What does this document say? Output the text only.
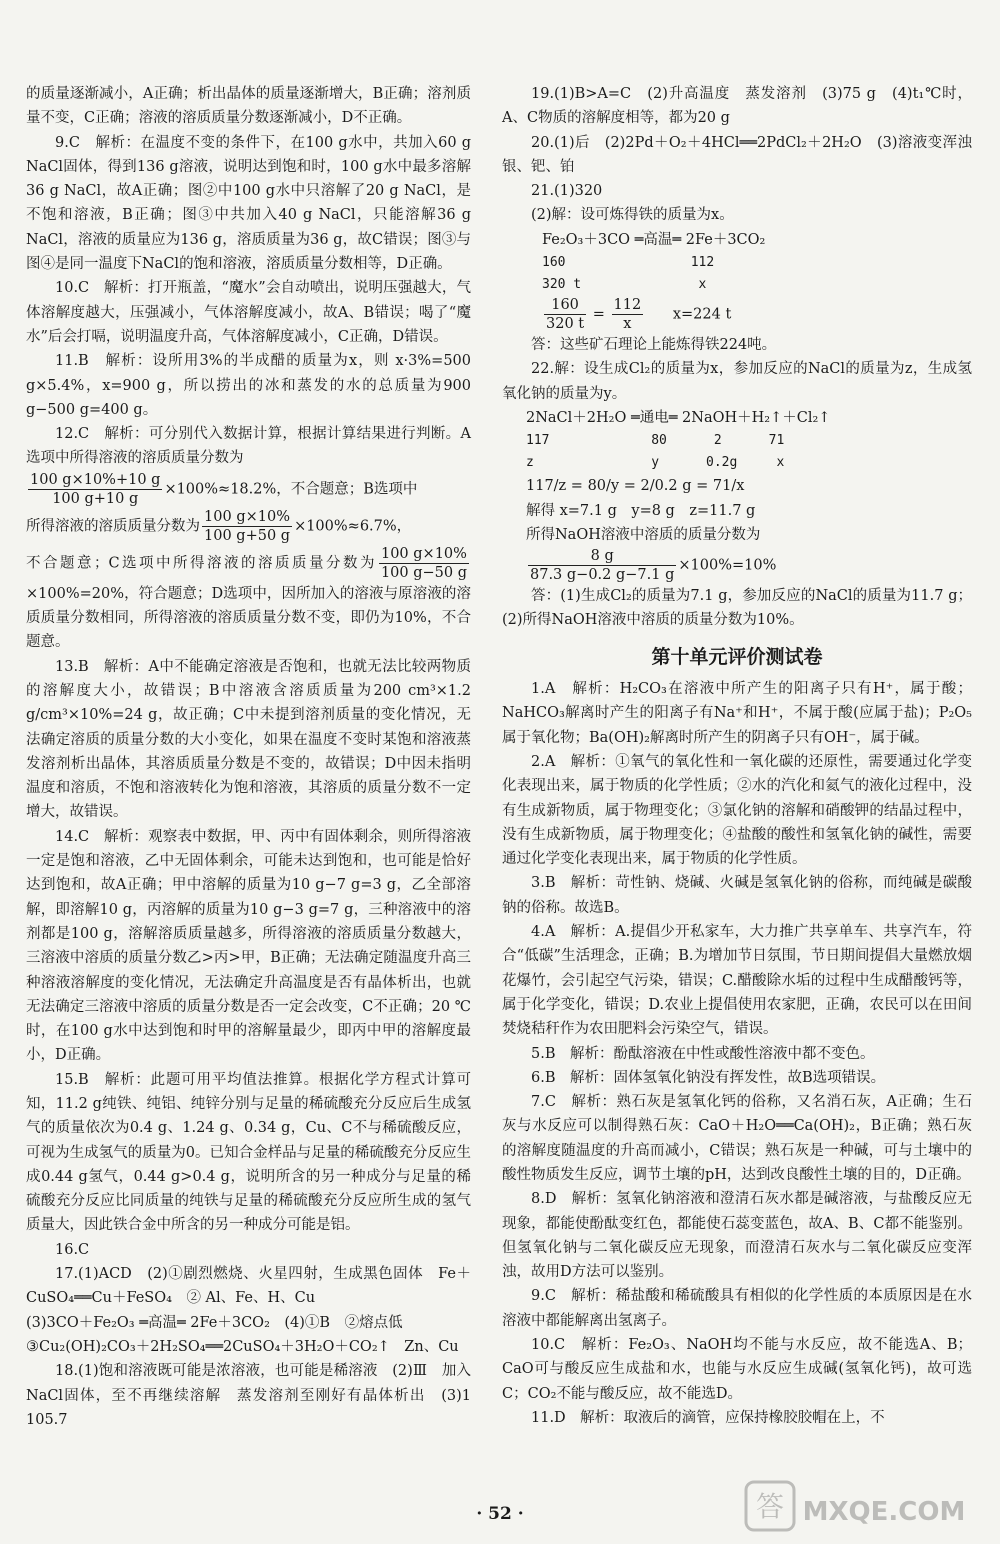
的质量逐渐减小，A正确；析出晶体的质量逐渐增大，B正确；溶剂质量不变，C正确；溶液的溶质质量分数逐渐减小，D不正确。

9.C　解析：在温度不变的条件下，在100 g水中，共加入60 g NaCl固体，得到136 g溶液，说明达到饱和时，100 g水中最多溶解36 g NaCl，故A正确；图②中100 g水中只溶解了20 g NaCl，是不饱和溶液，B正确；图③中共加入40 g NaCl，只能溶解36 g NaCl，溶液的质量应为136 g，溶质质量为36 g，故C错误；图③与图④是同一温度下NaCl的饱和溶液，溶质质量分数相等，D正确。

10.C　解析：打开瓶盖，“魔水”会自动喷出，说明压强越大，气体溶解度越大，压强减小，气体溶解度减小，故A、B错误；喝了“魔水”后会打嗝，说明温度升高，气体溶解度减小，C正确，D错误。

11.B　解析：设所用3%的半成醋的质量为x，则 x·3%=500 g×5.4%，x=900 g，所以捞出的冰和蒸发的水的总质量为900 g−500 g=400 g。

12.C　解析：可分别代入数据计算，根据计算结果进行判断。A选项中所得溶液的溶质质量分数为

$\frac{100 g\times 10\%+10 g}{100 g+10 g} \times 100\%\approx 18.2\%$，不合题意；B选项中

所得溶液的溶质质量分数为 $\frac{100 g\times 10\%}{100 g+50 g} \times 100\%\approx 6.7\%$，

不合题意；C选项中所得溶液的溶质质量分数为 $\frac{100 g\times 10\%}{100 g-50 g}$
×100%=20%，符合题意；D选项中，因所加入的溶液与原溶液的溶质质量分数相同，所得溶液的溶质质量分数不变，即仍为10%，不合题意。

13.B　解析：A中不能确定溶液是否饱和，也就无法比较两物质的溶解度大小，故错误；B中溶液含溶质质量为200 cm³×1.2 g/cm³×10%=24 g，故正确；C中未提到溶剂质量的变化情况，无法确定溶质的质量分数的大小变化，如果在温度不变时某饱和溶液蒸发溶剂析出晶体，其溶质质量分数是不变的，故错误；D中因未指明温度和溶质，不饱和溶液转化为饱和溶液，其溶质的质量分数不一定增大，故错误。

14.C　解析：观察表中数据，甲、丙中有固体剩余，则所得溶液一定是饱和溶液，乙中无固体剩余，可能未达到饱和，也可能是恰好达到饱和，故A正确；甲中溶解的质量为10 g−7 g=3 g，乙全部溶解，即溶解10 g，丙溶解的质量为10 g−3 g=7 g，三种溶液中的溶剂都是100 g，溶解溶质质量越多，所得溶液的溶质质量分数越大，三溶液中溶质的质量分数乙>丙>甲，B正确；无法确定随温度升高三种溶液溶解度的变化情况，无法确定升高温度是否有晶体析出，也就无法确定三溶液中溶质的质量分数是否一定会改变，C不正确；20 ℃时，在100 g水中达到饱和时甲的溶解量最少，即丙中甲的溶解度最小，D正确。

15.B　解析：此题可用平均值法推算。根据化学方程式计算可知，11.2 g纯铁、纯铝、纯锌分别与足量的稀硫酸充分反应后生成氢气的质量依次为0.4 g、1.24 g、0.34 g，Cu、C不与稀硫酸反应，可视为生成氢气的质量为0。已知合金样品与足量的稀硫酸充分反应生成0.44 g氢气，0.44 g>0.4 g，说明所含的另一种成分与足量的稀硫酸充分反应比同质量的纯铁与足量的稀硫酸充分反应所生成的氢气质量大，因此铁合金中所含的另一种成分可能是铝。

16.C

17.(1)ACD　(2)①剧烈燃烧、火星四射，生成黑色固体　Fe＋CuSO₄══Cu＋FeSO₄　② Al、Fe、H、Cu

(3)3CO＋Fe₂O₃ ═高温═ 2Fe＋3CO₂　(4)①B　②熔点低

③Cu₂(OH)₂CO₃＋2H₂SO₄══2CuSO₄＋3H₂O＋CO₂↑　Zn、Cu

18.(1)饱和溶液既可能是浓溶液，也可能是稀溶液　(2)Ⅲ　加入NaCl固体，至不再继续溶解　蒸发溶剂至刚好有晶体析出　(3)1 105.7

19.(1)B>A=C　(2)升高温度　蒸发溶剂　(3)75 g　(4)t₁℃时，A、C物质的溶解度相等，都为20 g

20.(1)后　(2)2Pd＋O₂＋4HCl══2PdCl₂＋2H₂O　(3)溶液变浑浊　银、钯、铂

21.(1)320

(2)解：设可炼得铁的质量为x。

Fe₂O₃＋3CO ═高温═ 2Fe＋3CO₂

160                112
320 t               x

$\frac{160}{320 t} = \frac{112}{x} x=224$ t

答：这些矿石理论上能炼得铁224吨。

22.解：设生成Cl₂的质量为x，参加反应的NaCl的质量为z，生成氢氧化钠的质量为y。

2NaCl＋2H₂O ═通电═ 2NaOH＋H₂↑＋Cl₂↑

117             80      2      71
z               y      0.2g     x

117/z = 80/y = 2/0.2 g = 71/x

解得 x=7.1 g　y=8 g　z=11.7 g

所得NaOH溶液中溶质的质量分数为

$\frac{8 g}{87.3 g-0.2 g-7.1 g} \times 100\%=10\%$

答：(1)生成Cl₂的质量为7.1 g，参加反应的NaCl的质量为11.7 g；(2)所得NaOH溶液中溶质的质量分数为10%。

第十单元评价测试卷

1.A　解析：H₂CO₃在溶液中所产生的阳离子只有H⁺，属于酸；NaHCO₃解离时产生的阳离子有Na⁺和H⁺，不属于酸(应属于盐)；P₂O₅属于氧化物；Ba(OH)₂解离时所产生的阴离子只有OH⁻，属于碱。

2.A　解析：①氧气的氧化性和一氧化碳的还原性，需要通过化学变化表现出来，属于物质的化学性质；②水的汽化和氦气的液化过程中，没有生成新物质，属于物理变化；③氯化钠的溶解和硝酸钾的结晶过程中，没有生成新物质，属于物理变化；④盐酸的酸性和氢氧化钠的碱性，需要通过化学变化表现出来，属于物质的化学性质。

3.B　解析：苛性钠、烧碱、火碱是氢氧化钠的俗称，而纯碱是碳酸钠的俗称。故选B。

4.A　解析：A.提倡少开私家车，大力推广共享单车、共享汽车，符合“低碳”生活理念，正确；B.为增加节日氛围，节日期间提倡大量燃放烟花爆竹，会引起空气污染，错误；C.醋酸除水垢的过程中生成醋酸钙等，属于化学变化，错误；D.农业上提倡使用农家肥，正确，农民可以在田间焚烧秸秆作为农田肥料会污染空气，错误。

5.B　解析：酚酞溶液在中性或酸性溶液中都不变色。

6.B　解析：固体氢氧化钠没有挥发性，故B选项错误。

7.C　解析：熟石灰是氢氧化钙的俗称，又名消石灰，A正确；生石灰与水反应可以制得熟石灰：CaO＋H₂O══Ca(OH)₂，B正确；熟石灰的溶解度随温度的升高而减小，C错误；熟石灰是一种碱，可与土壤中的酸性物质发生反应，调节土壤的pH，达到改良酸性土壤的目的，D正确。

8.D　解析：氢氧化钠溶液和澄清石灰水都是碱溶液，与盐酸反应无现象，都能使酚酞变红色，都能使石蕊变蓝色，故A、B、C都不能鉴别。但氢氧化钠与二氧化碳反应无现象，而澄清石灰水与二氧化碳反应变浑浊，故用D方法可以鉴别。

9.C　解析：稀盐酸和稀硫酸具有相似的化学性质的本质原因是在水溶液中都能解离出氢离子。

10.C　解析：Fe₂O₃、NaOH均不能与水反应，故不能选A、B；CaO可与酸反应生成盐和水，也能与水反应生成碱(氢氧化钙)，故可选C；CO₂不能与酸反应，故不能选D。

11.D　解析：取液后的滴管，应保持橡胶胶帽在上，不

· 52 ·	答 MXQE.COM
